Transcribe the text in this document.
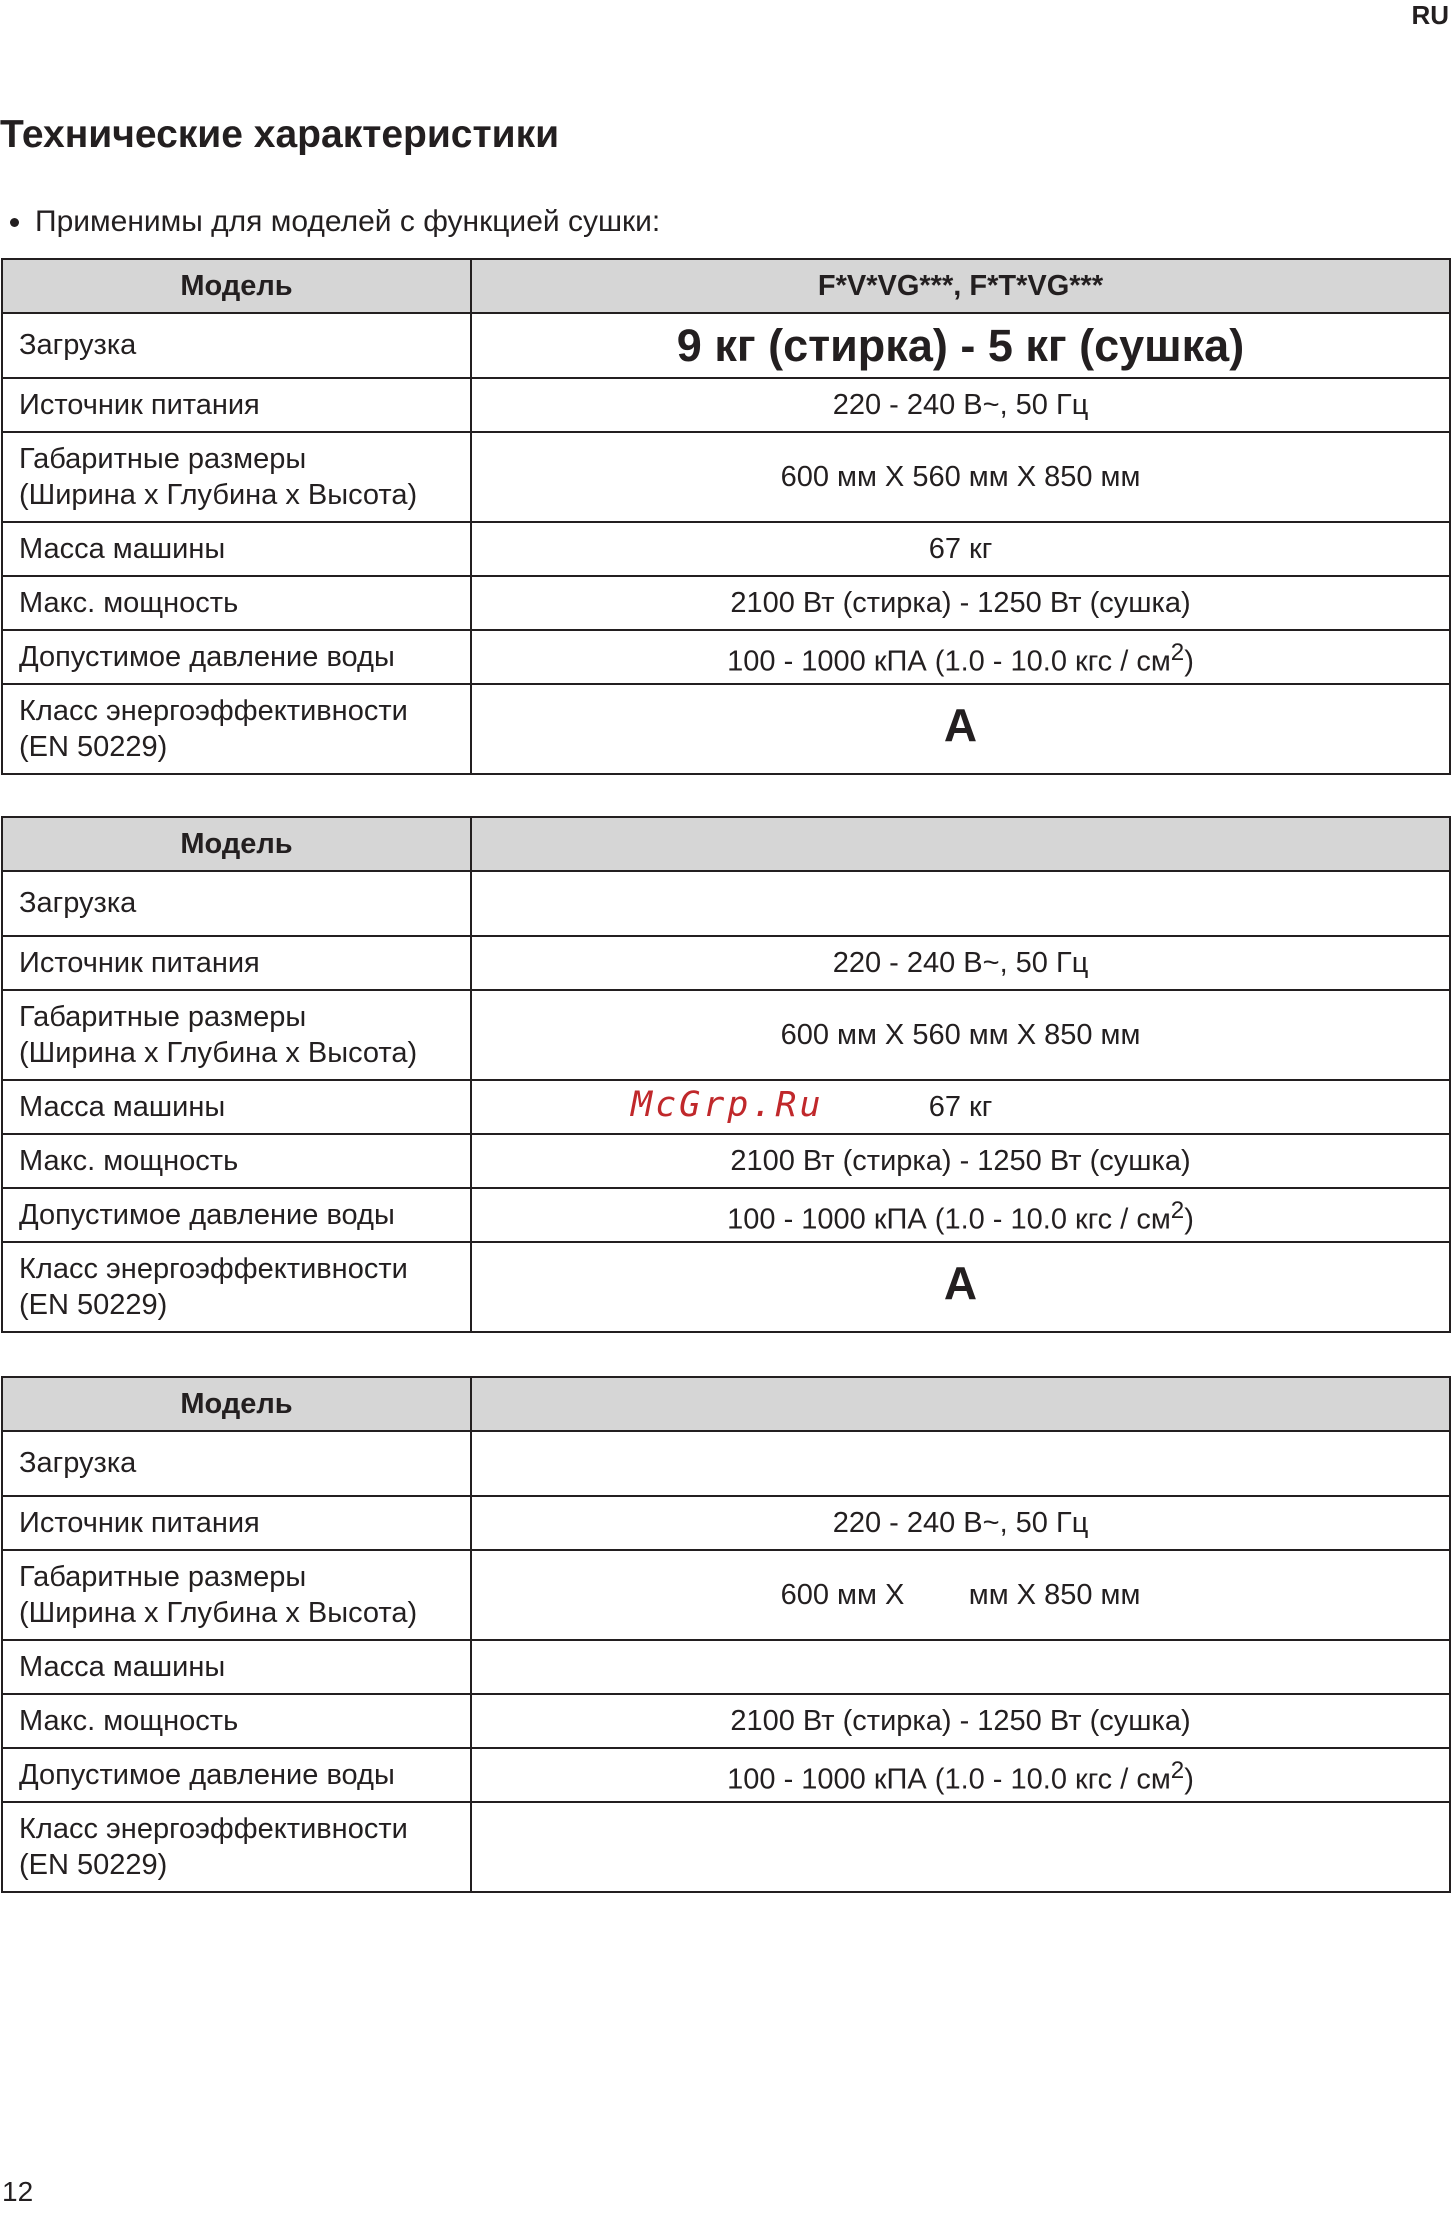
RU
Технические характеристики
Применимы для моделей с функцией сушки:
Модель	F*V*VG***, F*T*VG***
Загрузка	9 кг (стирка) - 5 кг (сушка)
Источник питания	220 - 240 В~, 50 Гц
Габаритные размеры
(Ширина x Глубина x Высота)	600 мм X 560 мм X 850 мм
Масса машины	67 кг
Макс. мощность	2100 Вт (стирка) - 1250 Вт (сушка)
Допустимое давление воды	100 - 1000 кПА (1.0 - 10.0 кгс / $см^2$)
Класс энергоэффективности
(EN 50229)	A
Модель	
Загрузка	
Источник питания	220 - 240 В~, 50 Гц
Габаритные размеры
(Ширина x Глубина x Высота)	600 мм X 560 мм X 850 мм
Масса машины	67 кг
Макс. мощность	2100 Вт (стирка) - 1250 Вт (сушка)
Допустимое давление воды	100 - 1000 кПА (1.0 - 10.0 кгс / $см^2$)
Класс энергоэффективности
(EN 50229)	A
Модель	
Загрузка	
Источник питания	220 - 240 В~, 50 Гц
Габаритные размеры
(Ширина x Глубина x Высота)	600 мм X        мм X 850 мм
Масса машины	
Макс. мощность	2100 Вт (стирка) - 1250 Вт (сушка)
Допустимое давление воды	100 - 1000 кПА (1.0 - 10.0 кгс / $см^2$)
Класс энергоэффективности
(EN 50229)	
McGrp.Ru
12
